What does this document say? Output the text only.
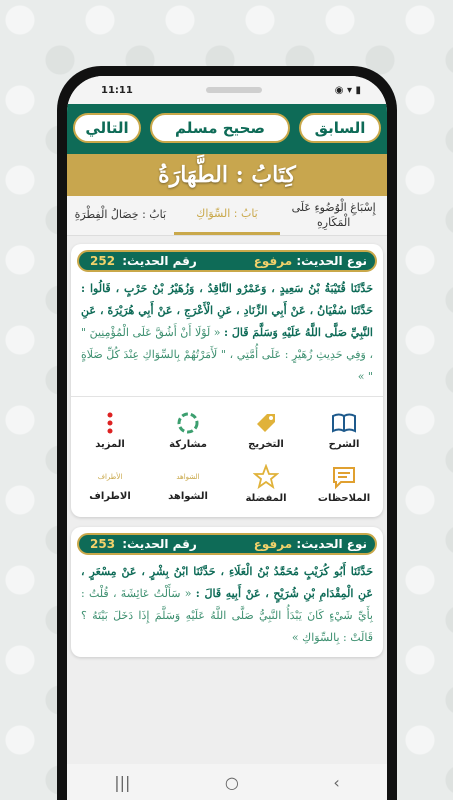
11:11	◉ ▾ ▮
السابق
صحيح مسلم
التالي
كِتَابُ : الطَّهَارَةُ
إِسْبَاغِ الْوُضُوءِ عَلَى الْمَكَارِهِ
بَابُ : السِّوَاكِ
بَابُ : خِصَالُ الْفِطْرَةِ
رقم الحديث: 252	نوع الحديث: مرفوع
حَدَّثَنَا قُتَيْبَةُ بْنُ سَعِيدٍ ، وَعَمْرٌو النَّاقِدُ ، وَزُهَيْرُ بْنُ حَرْبٍ ، قَالُوا : حَدَّثَنَا سُفْيَانُ ، عَنْ أَبِي الزِّنَادِ ، عَنِ الْأَعْرَجِ ، عَنْ أَبِي هُرَيْرَةَ ، عَنِ النَّبِيِّ صَلَّى اللَّهُ عَلَيْهِ وَسَلَّمَ قَالَ : « لَوْلَا أَنْ أَشُقَّ عَلَى الْمُؤْمِنِينَ " ، وَفِي حَدِيثِ زُهَيْرٍ : عَلَى أُمَّتِي ، " لَأَمَرْتُهُمْ بِالسِّوَاكِ عِنْدَ كُلِّ صَلَاةٍ " »
الشرح
التخريج
مشاركة
المزيد
الملاحظات
المفضلة
الشواهد
الشواهد
الأطراف
الاطراف
رقم الحديث: 253	نوع الحديث: مرفوع
حَدَّثَنَا أَبُو كُرَيْبٍ مُحَمَّدُ بْنُ الْعَلَاءِ ، حَدَّثَنَا ابْنُ بِشْرٍ ، عَنْ مِسْعَرٍ ، عَنِ الْمِقْدَامِ بْنِ شُرَيْحٍ ، عَنْ أَبِيهِ قَالَ : « سَأَلْتُ عَائِشَةَ ، قُلْتُ : بِأَيِّ شَيْءٍ كَانَ يَبْدَأُ النَّبِيُّ صَلَّى اللَّهُ عَلَيْهِ وَسَلَّمَ إِذَا دَخَلَ بَيْتَهُ ؟ قَالَتْ : بِالسِّوَاكِ »
|||	○	‹
